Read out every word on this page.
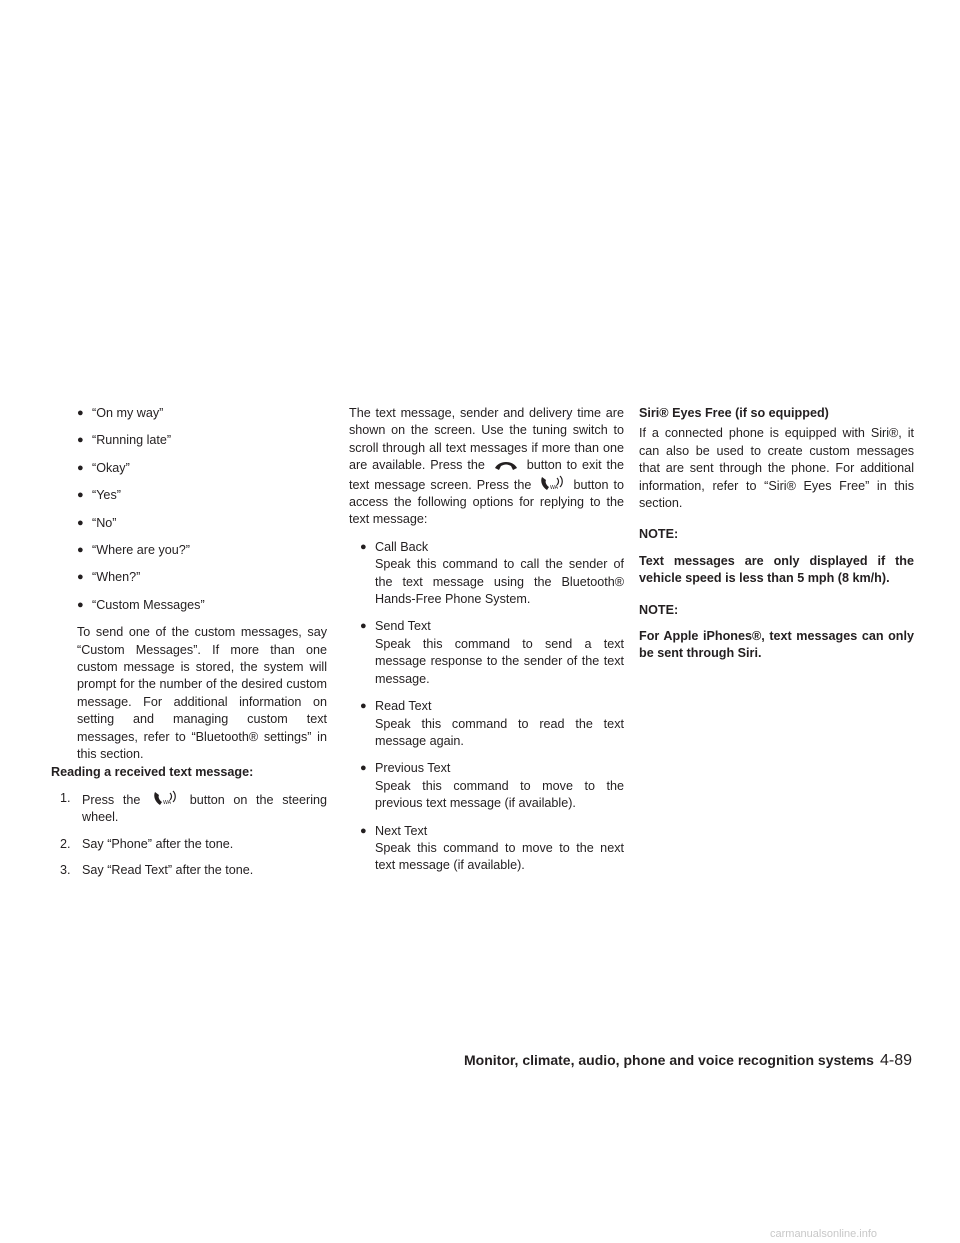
● “On my way”

● “Running late”

● “Okay”

● “Yes”

● “No”

● “Where are you?”

● “When?”

● “Custom Messages”

To send one of the custom messages, say “Custom Messages”. If more than one custom message is stored, the system will prompt for the number of the desired custom message. For additional information on setting and managing custom text messages, refer to “Bluetooth® settings” in this section.

Reading a received text message:

1. Press the	WA button on the steering wheel.

2. Say “Phone” after the tone.

3. Say “Read Text” after the tone.

The text message, sender and delivery time are shown on the screen. Use the tuning switch to scroll through all text messages if more than one are available. Press the	button to exit the text message screen. Press the	WA button to access the following options for replying to the text message:

● Call Back

Speak this command to call the sender of the text message using the Bluetooth® Hands-Free Phone System.

● Send Text

Speak this command to send a text message response to the sender of the text message.

● Read Text

Speak this command to read the text message again.

● Previous Text

Speak this command to move to the previous text message (if available).

● Next Text

Speak this command to move to the next text message (if available).

Siri® Eyes Free (if so equipped)

If a connected phone is equipped with Siri®, it can also be used to create custom messages that are sent through the phone. For additional information, refer to “Siri® Eyes Free” in this section.

NOTE:

Text messages are only displayed if the vehicle speed is less than 5 mph (8 km/h).

NOTE:

For Apple iPhones®, text messages can only be sent through Siri.

Monitor, climate, audio, phone and voice recognition systems 4-89
carmanualsonline.info
